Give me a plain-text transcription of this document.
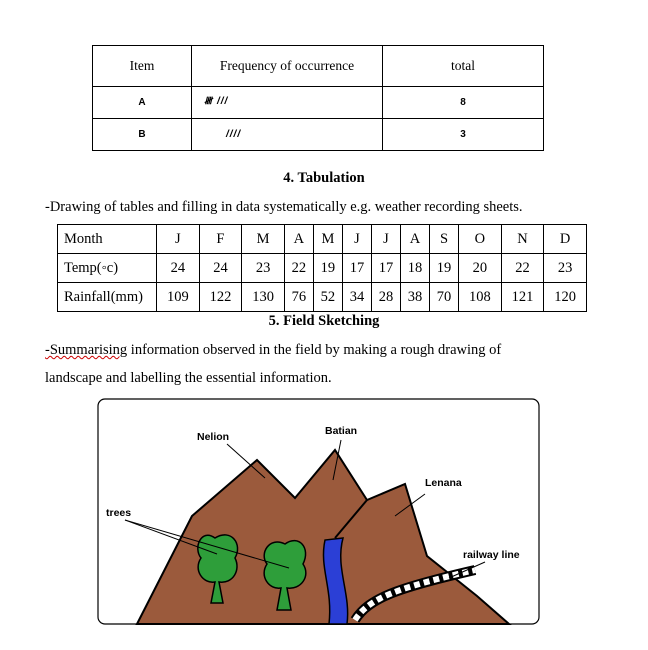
Item	Frequency of occurrence	total
A	𝍸 ///	8
B	////	3
4. Tabulation
-Drawing of tables and filling in data systematically e.g. weather recording sheets.
Month	J	F	M	A	M	J	J	A	S	O	N	D
Temp(◦c)	24	24	23	22	19	17	17	18	19	20	22	23
Rainfall(mm)	109	122	130	76	52	34	28	38	70	108	121	120
5. Field Sketching
-Summarising information observed in the field by making a rough drawing of
landscape and labelling the essential information.
Nelion	Batian
Lenana
trees
railway line
